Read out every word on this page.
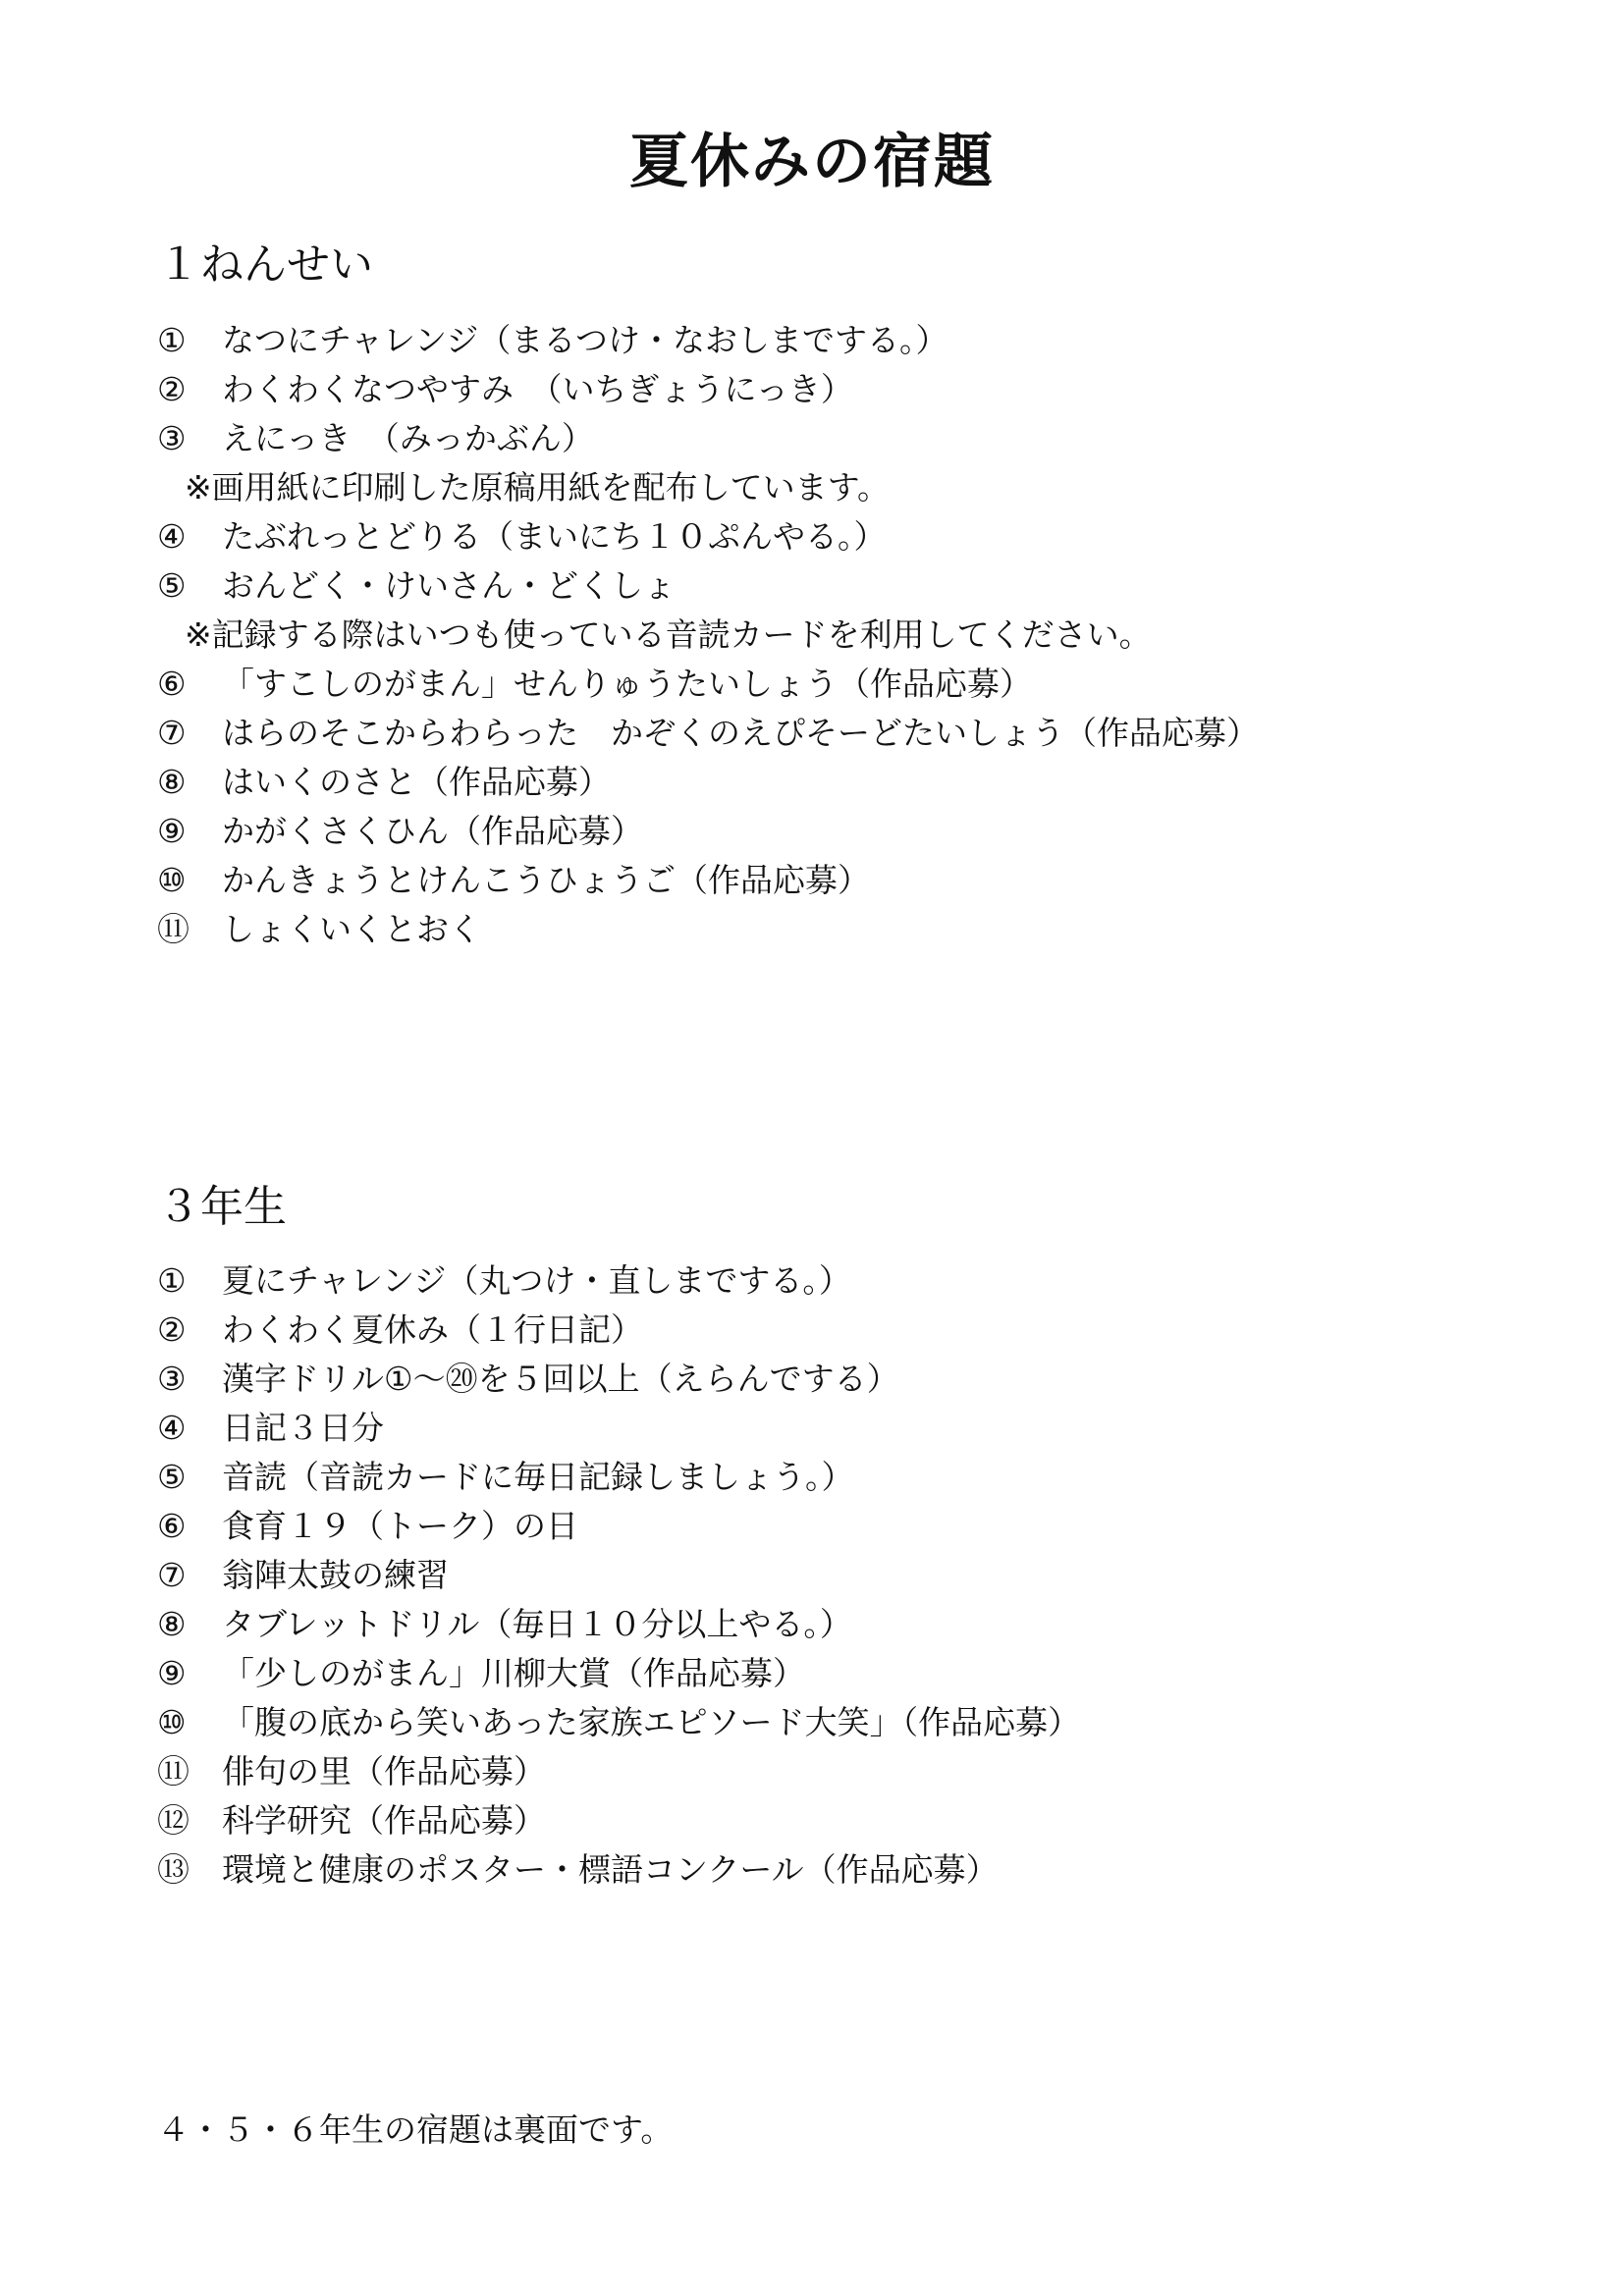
夏休みの宿題
１ねんせい
①	なつにチャレンジ（まるつけ・なおしまでする。）
②	わくわくなつやすみ　（いちぎょうにっき）
③	えにっき　（みっかぶん）
※画用紙に印刷した原稿用紙を配布しています。
④	たぶれっとどりる（まいにち１０ぷんやる。）
⑤	おんどく・けいさん・どくしょ
※記録する際はいつも使っている音読カードを利用してください。
⑥	「すこしのがまん」せんりゅうたいしょう（作品応募）
⑦	はらのそこからわらった　かぞくのえぴそーどたいしょう（作品応募）
⑧	はいくのさと（作品応募）
⑨	かがくさくひん（作品応募）
⑩	かんきょうとけんこうひょうご（作品応募）
⑪	しょくいくとおく
３年生
①	夏にチャレンジ（丸つけ・直しまでする。）
②	わくわく夏休み（１行日記）
③	漢字ドリル①～⑳を５回以上（えらんでする）
④	日記３日分
⑤	音読（音読カードに毎日記録しましょう。）
⑥	食育１９（トーク）の日
⑦	翁陣太鼓の練習
⑧	タブレットドリル（毎日１０分以上やる。）
⑨	「少しのがまん」川柳大賞（作品応募）
⑩	「腹の底から笑いあった家族エピソード大笑」（作品応募）
⑪	俳句の里（作品応募）
⑫	科学研究（作品応募）
⑬	環境と健康のポスター・標語コンクール（作品応募）
４・５・６年生の宿題は裏面です。
